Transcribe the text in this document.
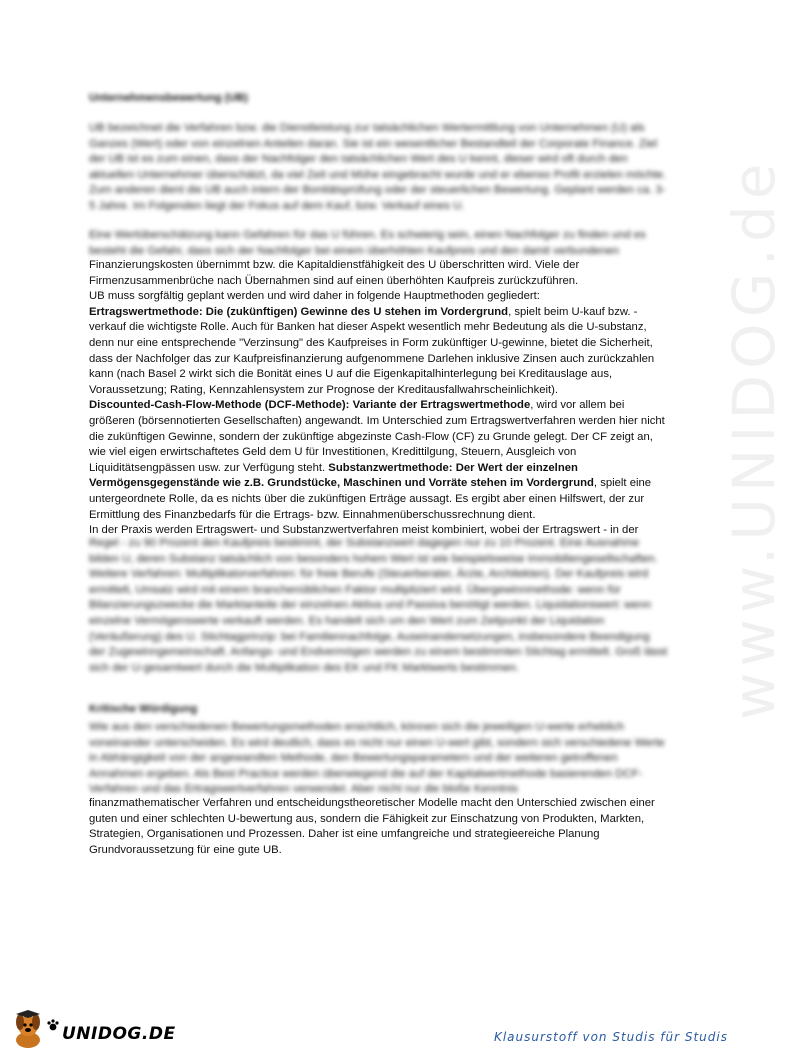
www.UNIDOG.de
Unternehmensbewertung (UB)
UB bezeichnet die Verfahren bzw. die Dienstleistung zur tatsächlichen Wertermittlung von Unternehmen (U) als Ganzes (Wert) oder von einzelnen Anteilen daran. Sie ist ein wesentlicher Bestandteil der Corporate Finance. Ziel der UB ist es zum einen, dass der Nachfolger den tatsächlichen Wert des U kennt, dieser wird oft durch den aktuellen Unternehmer überschätzt, da viel Zeit und Mühe eingebracht wurde und er ebenso Profit erzielen möchte. Zum anderen dient die UB auch intern der Bonitätsprüfung oder der steuerlichen Bewertung. Geplant werden ca. 3-5 Jahre. Im Folgenden liegt der Fokus auf dem Kauf, bzw. Verkauf eines U.
Eine Wertüberschätzung kann Gefahren für das U führen. Es schwierig sein, einen Nachfolger zu finden und es besteht die Gefahr, dass sich der Nachfolger bei einem überhöhten Kaufpreis und den damit verbundenen
Finanzierungskosten übernimmt bzw. die Kapitaldienstfähigkeit des U überschritten wird. Viele der
Firmenzusammenbrüche nach Übernahmen sind auf einen überhöhten Kaufpreis zurückzuführen.
UB muss sorgfältig geplant werden und wird daher in folgende Hauptmethoden gegliedert:
Ertragswertmethode: Die (zukünftigen) Gewinne des U stehen im Vordergrund, spielt beim U-kauf bzw. -verkauf die wichtigste Rolle. Auch für Banken hat dieser Aspekt wesentlich mehr Bedeutung als die U-substanz, denn nur eine entsprechende "Verzinsung" des Kaufpreises in Form zukünftiger U-gewinne, bietet die Sicherheit, dass der Nachfolger das zur Kaufpreisfinanzierung aufgenommene Darlehen inklusive Zinsen auch zurückzahlen kann (nach Basel 2 wirkt sich die Bonität eines U auf die Eigenkapitalhinterlegung bei Kreditauslage aus, Voraussetzung; Rating, Kennzahlensystem zur Prognose der Kreditausfallwahrscheinlichkeit).
Discounted-Cash-Flow-Methode (DCF-Methode): Variante der Ertragswertmethode, wird vor allem bei größeren (börsennotierten Gesellschaften) angewandt. Im Unterschied zum Ertragswertverfahren werden hier nicht die zukünftigen Gewinne, sondern der zukünftige abgezinste Cash-Flow (CF) zu Grunde gelegt. Der CF zeigt an, wie viel eigen erwirtschaftetes Geld dem U für Investitionen, Kredittilgung, Steuern, Ausgleich von Liquiditätsengpässen usw. zur Verfügung steht. Substanzwertmethode: Der Wert der einzelnen Vermögensgegenstände wie z.B. Grundstücke, Maschinen und Vorräte stehen im Vordergrund, spielt eine untergeordnete Rolle, da es nichts über die zukünftigen Erträge aussagt. Es ergibt aber einen Hilfswert, der zur Ermittlung des Finanzbedarfs für die Ertrags- bzw. Einnahmenüberschussrechnung dient.
In der Praxis werden Ertragswert- und Substanzwertverfahren meist kombiniert, wobei der Ertragswert - in der
Regel - zu 90 Prozent den Kaufpreis bestimmt, der Substanzwert dagegen nur zu 10 Prozent. Eine Ausnahme bilden U, deren Substanz tatsächlich von besonders hohem Wert ist wie beispielsweise Immobiliengesellschaften. Weitere Verfahren: Multiplikatorverfahren: für freie Berufe (Steuerberater, Ärzte, Architekten). Der Kaufpreis wird ermittelt, Umsatz wird mit einem branchenüblichen Faktor multipliziert wird. Übergewinnmethode: wenn für Bilanzierungszwecke die Marktanteile der einzelnen Aktiva und Passiva benötigt werden. Liquidationswert: wenn einzelne Vermögenswerte verkauft werden. Es handelt sich um den Wert zum Zeitpunkt der Liquidation (Veräußerung) des U. Stichtagprinzip: bei Familiennachfolge, Auseinandersetzungen, insbesondere Beendigung der Zugewinngemeinschaft. Anfangs- und Endvermögen werden zu einem bestimmten Stichtag ermittelt. Groß lässt sich der U-gesamtwert durch die Multiplikation des EK und FK Marktwerts bestimmen.
Kritische Würdigung
Wie aus den verschiedenen Bewertungsmethoden ersichtlich, können sich die jeweiligen U-werte erheblich voneinander unterscheiden. Es wird deutlich, dass es nicht nur einen U-wert gibt, sondern sich verschiedene Werte in Abhängigkeit von der angewandten Methode, den Bewertungsparametern und der weiteren getroffenen Annahmen ergeben. Als Best Practice werden überwiegend die auf der Kapitalwertmethode basierenden DCF- Verfahren und das Ertragswertverfahren verwendet. Aber nicht nur die bloße Kenntnis
finanzmathematischer Verfahren und entscheidungstheoretischer Modelle macht den Unterschied zwischen einer guten und einer schlechten U-bewertung aus, sondern die Fähigkeit zur Einschatzung von Produkten, Markten, Strategien, Organisationen und Prozessen. Daher ist eine umfangreiche und strategieereiche Planung Grundvoraussetzung für eine gute UB.
UNIDOG.DE	Klausurstoff von Studis für Studis
